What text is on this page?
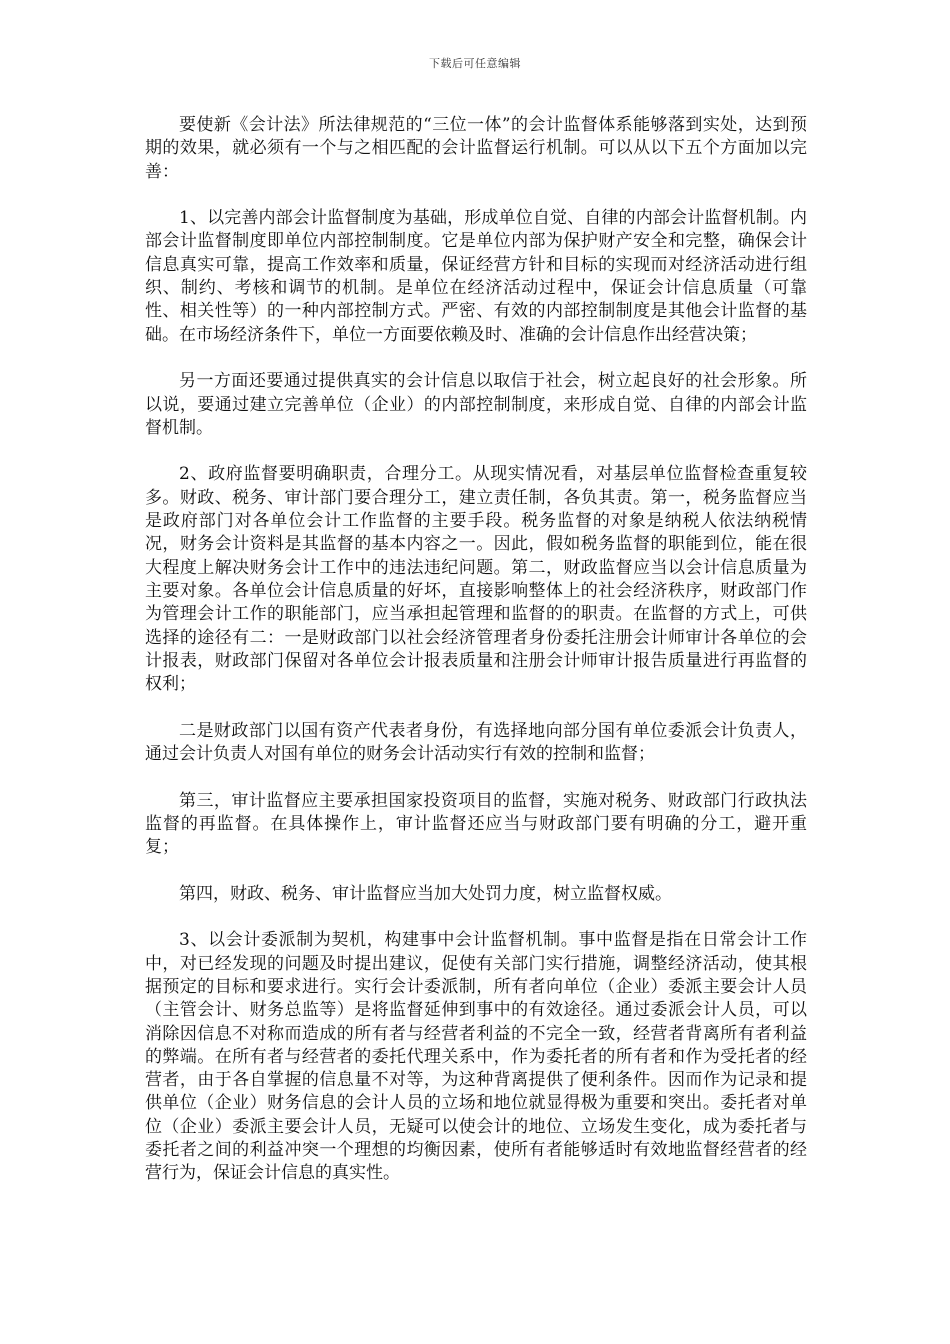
下载后可任意编辑

要使新《会计法》所法律规范的“三位一体”的会计监督体系能够落到实处，达到预期的效果，就必须有一个与之相匹配的会计监督运行机制。可以从以下五个方面加以完善：

1、以完善内部会计监督制度为基础，形成单位自觉、自律的内部会计监督机制。内部会计监督制度即单位内部控制制度。它是单位内部为保护财产安全和完整，确保会计信息真实可靠，提高工作效率和质量，保证经营方针和目标的实现而对经济活动进行组织、制约、考核和调节的机制。是单位在经济活动过程中，保证会计信息质量（可靠性、相关性等）的一种内部控制方式。严密、有效的内部控制制度是其他会计监督的基础。在市场经济条件下，单位一方面要依赖及时、准确的会计信息作出经营决策；

另一方面还要通过提供真实的会计信息以取信于社会，树立起良好的社会形象。所以说，要通过建立完善单位（企业）的内部控制制度，来形成自觉、自律的内部会计监督机制。

2、政府监督要明确职责，合理分工。从现实情况看，对基层单位监督检查重复较多。财政、税务、审计部门要合理分工，建立责任制，各负其责。第一，税务监督应当是政府部门对各单位会计工作监督的主要手段。税务监督的对象是纳税人依法纳税情况，财务会计资料是其监督的基本内容之一。因此，假如税务监督的职能到位，能在很大程度上解决财务会计工作中的违法违纪问题。第二，财政监督应当以会计信息质量为主要对象。各单位会计信息质量的好坏，直接影响整体上的社会经济秩序，财政部门作为管理会计工作的职能部门，应当承担起管理和监督的的职责。在监督的方式上，可供选择的途径有二：一是财政部门以社会经济管理者身份委托注册会计师审计各单位的会计报表，财政部门保留对各单位会计报表质量和注册会计师审计报告质量进行再监督的权利；

二是财政部门以国有资产代表者身份，有选择地向部分国有单位委派会计负责人，通过会计负责人对国有单位的财务会计活动实行有效的控制和监督；

第三，审计监督应主要承担国家投资项目的监督，实施对税务、财政部门行政执法监督的再监督。在具体操作上，审计监督还应当与财政部门要有明确的分工，避开重复；

第四，财政、税务、审计监督应当加大处罚力度，树立监督权威。

3、以会计委派制为契机，构建事中会计监督机制。事中监督是指在日常会计工作中，对已经发现的问题及时提出建议，促使有关部门实行措施，调整经济活动，使其根据预定的目标和要求进行。实行会计委派制，所有者向单位（企业）委派主要会计人员（主管会计、财务总监等）是将监督延伸到事中的有效途径。通过委派会计人员，可以消除因信息不对称而造成的所有者与经营者利益的不完全一致，经营者背离所有者利益的弊端。在所有者与经营者的委托代理关系中，作为委托者的所有者和作为受托者的经营者，由于各自掌握的信息量不对等，为这种背离提供了便利条件。因而作为记录和提供单位（企业）财务信息的会计人员的立场和地位就显得极为重要和突出。委托者对单位（企业）委派主要会计人员，无疑可以使会计的地位、立场发生变化，成为委托者与委托者之间的利益冲突一个理想的均衡因素，使所有者能够适时有效地监督经营者的经营行为，保证会计信息的真实性。
